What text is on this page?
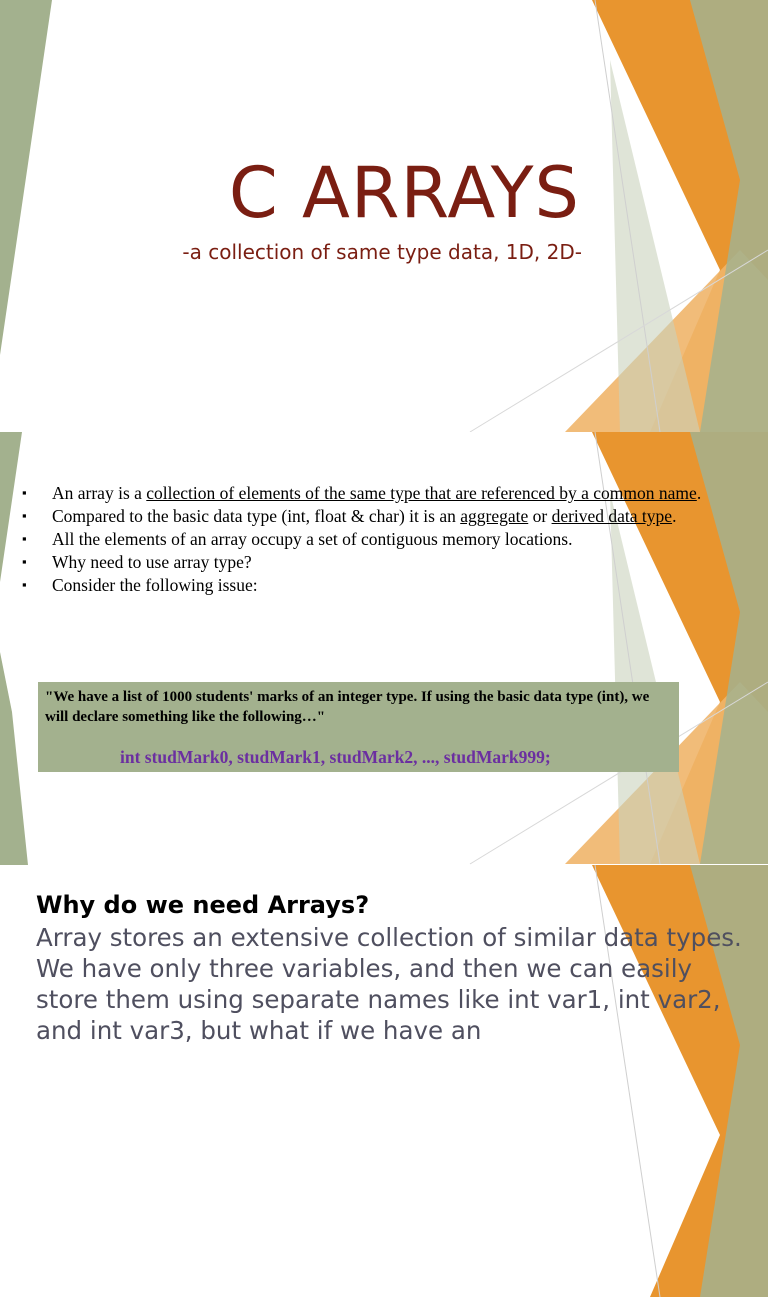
C ARRAYS
-a collection of same type data, 1D, 2D-
▪ An array is a collection of elements of the same type that are referenced by a common name.
▪ Compared to the basic data type (int, float & char) it is an aggregate or derived data type.
▪ All the elements of an array occupy a set of contiguous memory locations.
▪ Why need to use array type?
▪ Consider the following issue:
"We have a list of 1000 students' marks of an integer type. If using the basic data type (int), we will declare something like the following…"
int studMark0, studMark1, studMark2, ..., studMark999;
Why do we need Arrays?
Array stores an extensive collection of similar data types. We have only three variables, and then we can easily store them using separate names like int var1, int var2, and int var3, but what if we have an
